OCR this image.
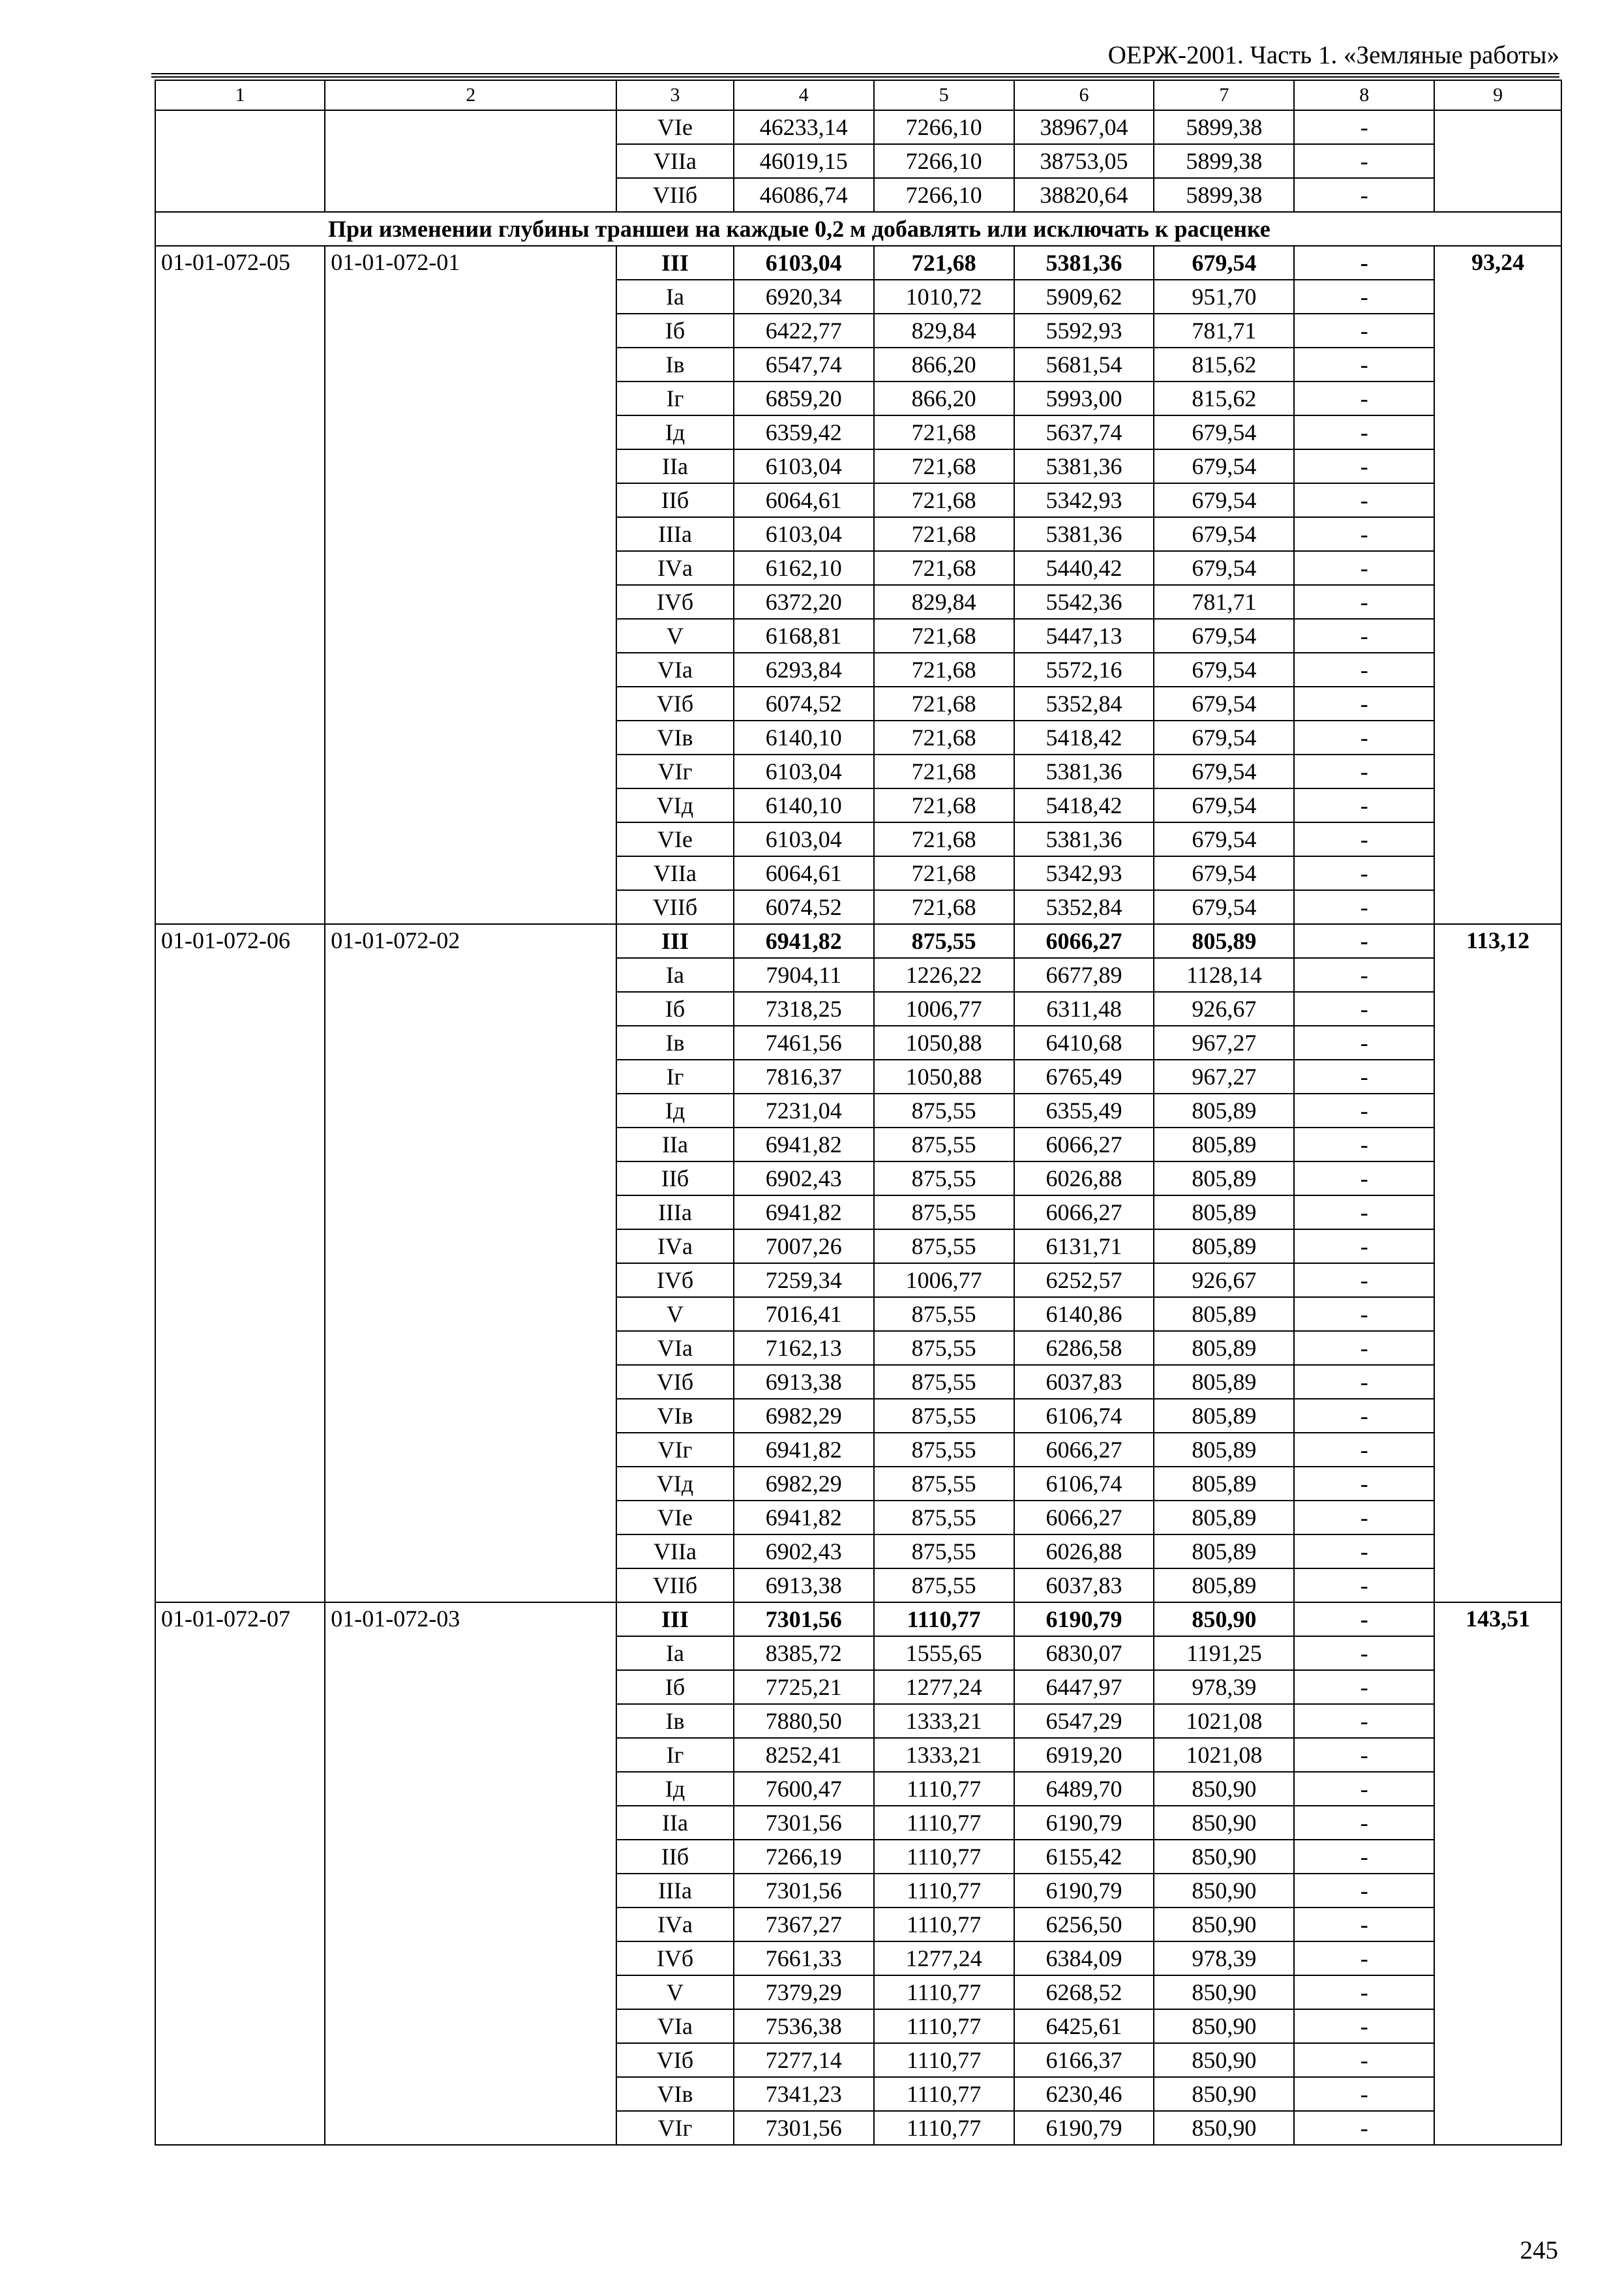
ОЕРЖ-2001. Часть 1. «Земляные работы»
1	2	3	4	5	6	7	8	9
		VIе	46233,14	7266,10	38967,04	5899,38	-	
		VIIа	46019,15	7266,10	38753,05	5899,38	-	
		VIIб	46086,74	7266,10	38820,64	5899,38	-	
При изменении глубины траншеи на каждые 0,2 м добавлять или исключать к расценке								
01-01-072-05	01-01-072-01	III	6103,04	721,68	5381,36	679,54	-	93,24
		Iа	6920,34	1010,72	5909,62	951,70	-	
		Iб	6422,77	829,84	5592,93	781,71	-	
		Iв	6547,74	866,20	5681,54	815,62	-	
		Iг	6859,20	866,20	5993,00	815,62	-	
		Iд	6359,42	721,68	5637,74	679,54	-	
		IIа	6103,04	721,68	5381,36	679,54	-	
		IIб	6064,61	721,68	5342,93	679,54	-	
		IIIа	6103,04	721,68	5381,36	679,54	-	
		IVа	6162,10	721,68	5440,42	679,54	-	
		IVб	6372,20	829,84	5542,36	781,71	-	
		V	6168,81	721,68	5447,13	679,54	-	
		VIа	6293,84	721,68	5572,16	679,54	-	
		VIб	6074,52	721,68	5352,84	679,54	-	
		VIв	6140,10	721,68	5418,42	679,54	-	
		VIг	6103,04	721,68	5381,36	679,54	-	
		VIд	6140,10	721,68	5418,42	679,54	-	
		VIе	6103,04	721,68	5381,36	679,54	-	
		VIIа	6064,61	721,68	5342,93	679,54	-	
		VIIб	6074,52	721,68	5352,84	679,54	-	
01-01-072-06	01-01-072-02	III	6941,82	875,55	6066,27	805,89	-	113,12
		Iа	7904,11	1226,22	6677,89	1128,14	-	
		Iб	7318,25	1006,77	6311,48	926,67	-	
		Iв	7461,56	1050,88	6410,68	967,27	-	
		Iг	7816,37	1050,88	6765,49	967,27	-	
		Iд	7231,04	875,55	6355,49	805,89	-	
		IIа	6941,82	875,55	6066,27	805,89	-	
		IIб	6902,43	875,55	6026,88	805,89	-	
		IIIа	6941,82	875,55	6066,27	805,89	-	
		IVа	7007,26	875,55	6131,71	805,89	-	
		IVб	7259,34	1006,77	6252,57	926,67	-	
		V	7016,41	875,55	6140,86	805,89	-	
		VIа	7162,13	875,55	6286,58	805,89	-	
		VIб	6913,38	875,55	6037,83	805,89	-	
		VIв	6982,29	875,55	6106,74	805,89	-	
		VIг	6941,82	875,55	6066,27	805,89	-	
		VIд	6982,29	875,55	6106,74	805,89	-	
		VIе	6941,82	875,55	6066,27	805,89	-	
		VIIа	6902,43	875,55	6026,88	805,89	-	
		VIIб	6913,38	875,55	6037,83	805,89	-	
01-01-072-07	01-01-072-03	III	7301,56	1110,77	6190,79	850,90	-	143,51
		Iа	8385,72	1555,65	6830,07	1191,25	-	
		Iб	7725,21	1277,24	6447,97	978,39	-	
		Iв	7880,50	1333,21	6547,29	1021,08	-	
		Iг	8252,41	1333,21	6919,20	1021,08	-	
		Iд	7600,47	1110,77	6489,70	850,90	-	
		IIа	7301,56	1110,77	6190,79	850,90	-	
		IIб	7266,19	1110,77	6155,42	850,90	-	
		IIIа	7301,56	1110,77	6190,79	850,90	-	
		IVа	7367,27	1110,77	6256,50	850,90	-	
		IVб	7661,33	1277,24	6384,09	978,39	-	
		V	7379,29	1110,77	6268,52	850,90	-	
		VIа	7536,38	1110,77	6425,61	850,90	-	
		VIб	7277,14	1110,77	6166,37	850,90	-	
		VIв	7341,23	1110,77	6230,46	850,90	-	
		VIг	7301,56	1110,77	6190,79	850,90	-	
245
